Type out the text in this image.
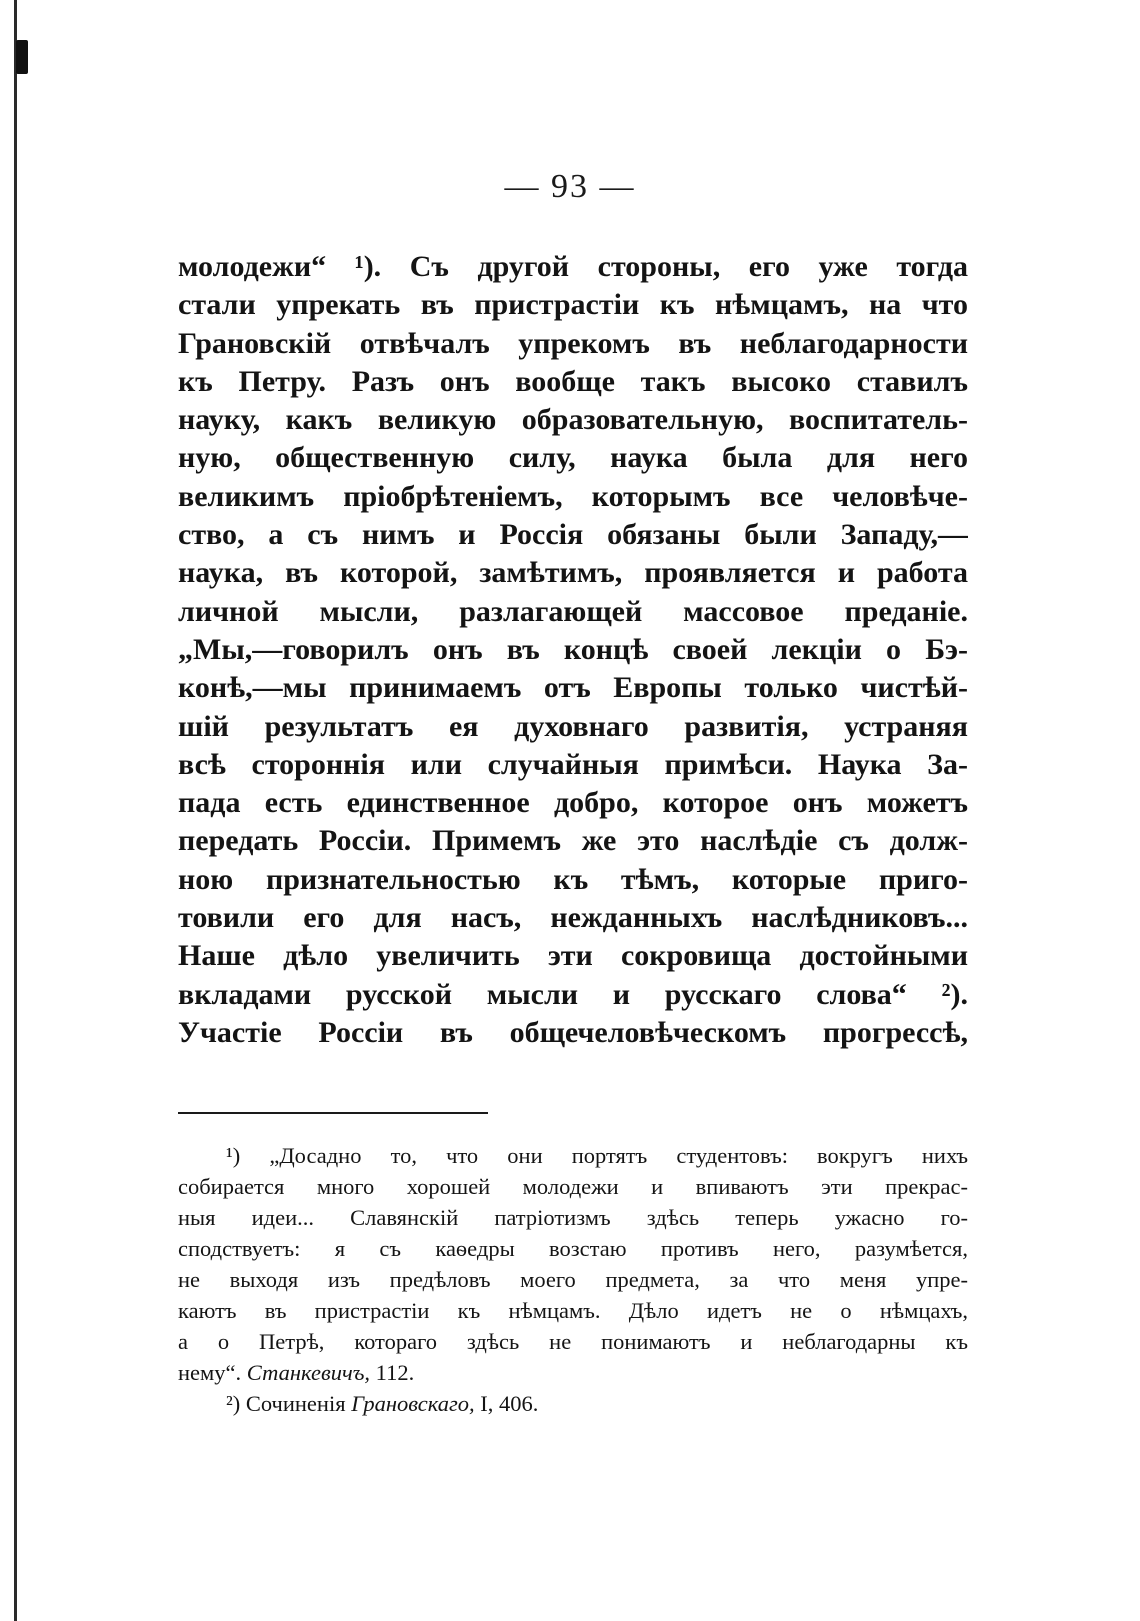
— 93 —
молодежи“ ¹). Съ другой стороны, его уже тогда
стали упрекать въ пристрастіи къ нѣмцамъ, на что
Грановскій отвѣчалъ упрекомъ въ неблагодарности
къ Петру. Разъ онъ вообще такъ высоко ставилъ
науку, какъ великую образовательную, воспитатель-
ную, общественную силу, наука была для него
великимъ пріобрѣтеніемъ, которымъ все человѣче-
ство, а съ нимъ и Россія обязаны были Западу,—
наука, въ которой, замѣтимъ, проявляется и работа
личной мысли, разлагающей массовое преданіе.
„Мы,—говорилъ онъ въ концѣ своей лекціи о Бэ-
конѣ,—мы принимаемъ отъ Европы только чистѣй-
шій результатъ ея духовнаго развитія, устраняя
всѣ стороннія или случайныя примѣси. Наука За-
пада есть единственное добро, которое онъ можетъ
передать Россіи. Примемъ же это наслѣдіе съ долж-
ною признательностью къ тѣмъ, которые приго-
товили его для насъ, нежданныхъ наслѣдниковъ...
Наше дѣло увеличить эти сокровища достойными
вкладами русской мысли и русскаго слова“ ²).
Участіе Россіи въ общечеловѣческомъ прогрессѣ,
¹) „Досадно то, что они портятъ студентовъ: вокругъ нихъ
собирается много хорошей молодежи и впиваютъ эти прекрас-
ныя идеи... Славянскій патріотизмъ здѣсь теперь ужасно го-
сподствуетъ: я съ каѳедры возстаю противъ него, разумѣется,
не выходя изъ предѣловъ моего предмета, за что меня упре-
каютъ въ пристрастіи къ нѣмцамъ. Дѣло идетъ не о нѣмцахъ,
а о Петрѣ, котораго здѣсь не понимаютъ и неблагодарны къ
нему“. Станкевичъ, 112.
²) Сочиненія Грановскаго, I, 406.
